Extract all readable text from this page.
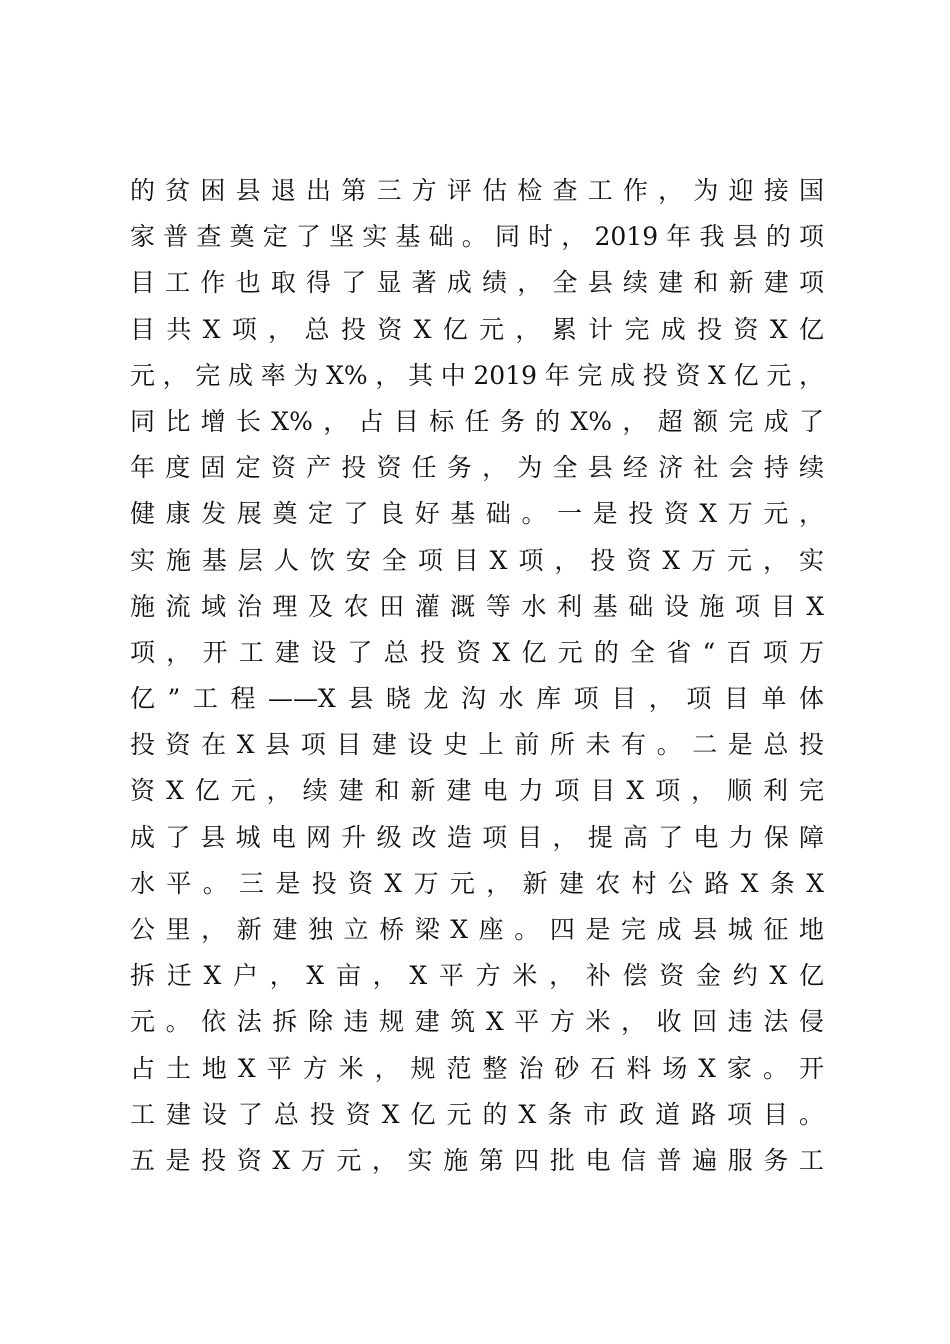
的贫困县退出第三方评估检查工作，为迎接国
家普查奠定了坚实基础。同时，2019年我县的项
目工作也取得了显著成绩，全县续建和新建项
目共X项，总投资X亿元，累计完成投资X亿
元，完成率为X%，其中2019年完成投资X亿元，
同比增长X%，占目标任务的X%，超额完成了
年度固定资产投资任务，为全县经济社会持续
健康发展奠定了良好基础。一是投资X万元，
实施基层人饮安全项目X项，投资X万元，实
施流域治理及农田灌溉等水利基础设施项目X
项，开工建设了总投资X亿元的全省“百项万
亿”工程——X县晓龙沟水库项目，项目单体
投资在X县项目建设史上前所未有。二是总投
资X亿元，续建和新建电力项目X项，顺利完
成了县城电网升级改造项目，提高了电力保障
水平。三是投资X万元，新建农村公路X条X
公里，新建独立桥梁X座。四是完成县城征地
拆迁X户，X亩，X平方米，补偿资金约X亿
元。依法拆除违规建筑X平方米，收回违法侵
占土地X平方米，规范整治砂石料场X家。开
工建设了总投资X亿元的X条市政道路项目。
五是投资X万元，实施第四批电信普遍服务工
